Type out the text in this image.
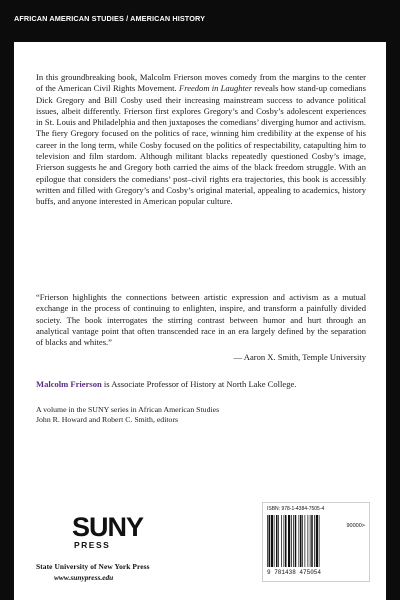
AFRICAN AMERICAN STUDIES / AMERICAN HISTORY

In this groundbreaking book, Malcolm Frierson moves comedy from the margins to the center of the American Civil Rights Movement. Freedom in Laughter reveals how stand-up comedians Dick Gregory and Bill Cosby used their increasing mainstream success to advance political issues, albeit differently. Frierson first explores Gregory’s and Cosby’s adolescent experiences in St. Louis and Philadelphia and then juxtaposes the comedians’ diverging humor and activism. The fiery Gregory focused on the politics of race, winning him credibility at the expense of his career in the long term, while Cosby focused on the politics of respectability, catapulting him to television and film stardom. Although militant blacks repeatedly questioned Cosby’s image, Frierson suggests he and Gregory both carried the aims of the black freedom struggle. With an epilogue that considers the comedians’ post–civil rights era trajectories, this book is accessibly written and filled with Gregory’s and Cosby’s original material, appealing to academics, history buffs, and anyone interested in American popular culture.

“Frierson highlights the connections between artistic expression and activism as a mutual exchange in the process of continuing to enlighten, inspire, and transform a painfully divided society. The book interrogates the stirring contrast between humor and hurt through an analytical vantage point that often transcended race in an era largely defined by the separation of blacks and whites.”

— Aaron X. Smith, Temple University
Malcolm Frierson is Associate Professor of History at North Lake College.
A volume in the SUNY series in African American Studies
John R. Howard and Robert C. Smith, editors
SUNY
PRESS
State University of New York Press
www.sunypress.edu
ISBN: 978-1-4384-7505-4
90000>
9 781438 475054
